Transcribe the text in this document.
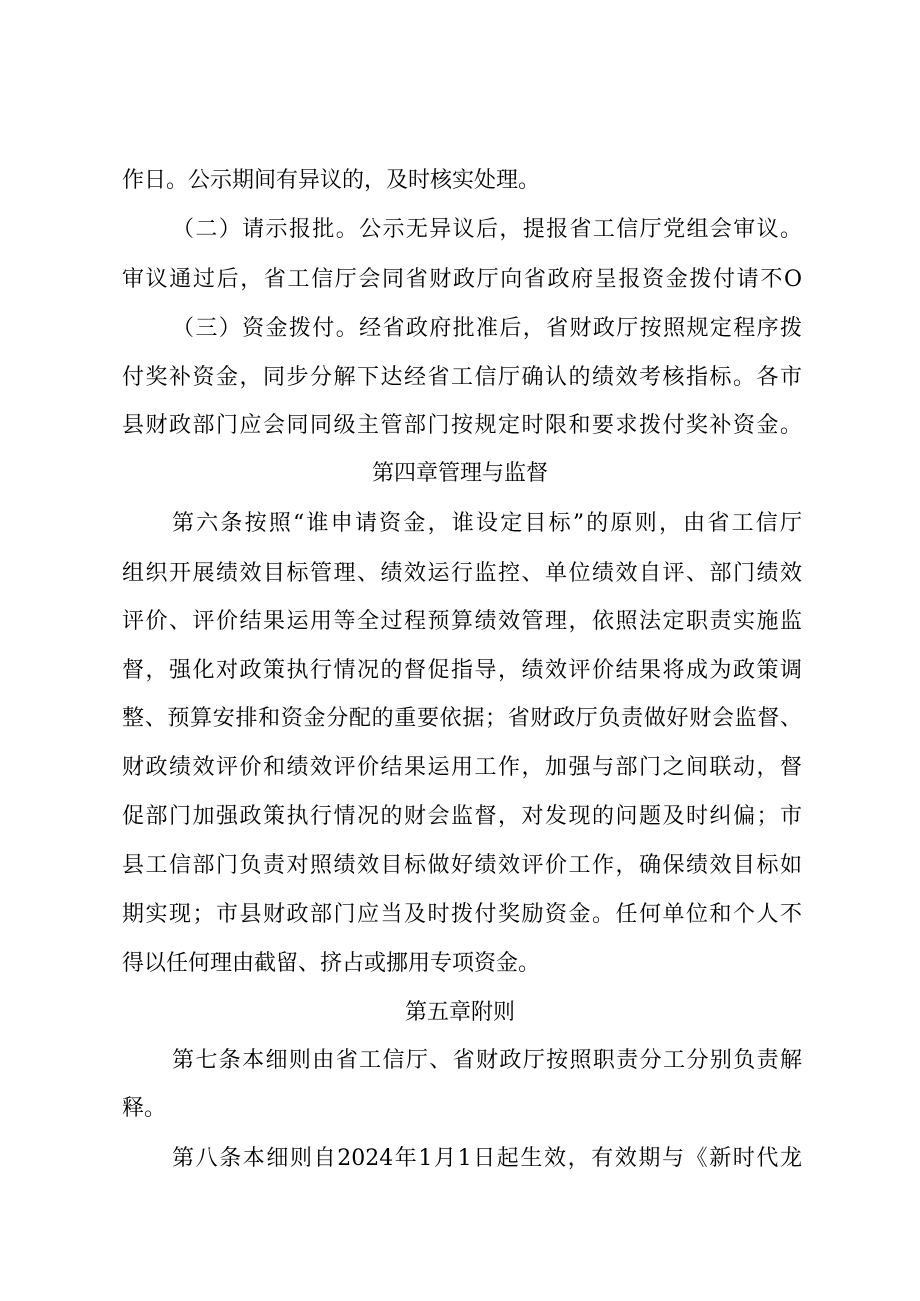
作日。公示期间有异议的，及时核实处理。
（二）请示报批。公示无异议后，提报省工信厅党组会审议。
审议通过后，省工信厅会同省财政厅向省政府呈报资金拨付请不O
（三）资金拨付。经省政府批准后，省财政厅按照规定程序拨
付奖补资金，同步分解下达经省工信厅确认的绩效考核指标。各市
县财政部门应会同同级主管部门按规定时限和要求拨付奖补资金。
第四章管理与监督
第六条按照“谁申请资金，谁设定目标”的原则，由省工信厅
组织开展绩效目标管理、绩效运行监控、单位绩效自评、部门绩效
评价、评价结果运用等全过程预算绩效管理，依照法定职责实施监
督，强化对政策执行情况的督促指导，绩效评价结果将成为政策调
整、预算安排和资金分配的重要依据；省财政厅负责做好财会监督、
财政绩效评价和绩效评价结果运用工作，加强与部门之间联动，督
促部门加强政策执行情况的财会监督，对发现的问题及时纠偏；市
县工信部门负责对照绩效目标做好绩效评价工作，确保绩效目标如
期实现；市县财政部门应当及时拨付奖励资金。任何单位和个人不
得以任何理由截留、挤占或挪用专项资金。
第五章附则
第七条本细则由省工信厅、省财政厅按照职责分工分别负责解
释。
第八条本细则自2024年1月1日起生效，有效期与《新时代龙
